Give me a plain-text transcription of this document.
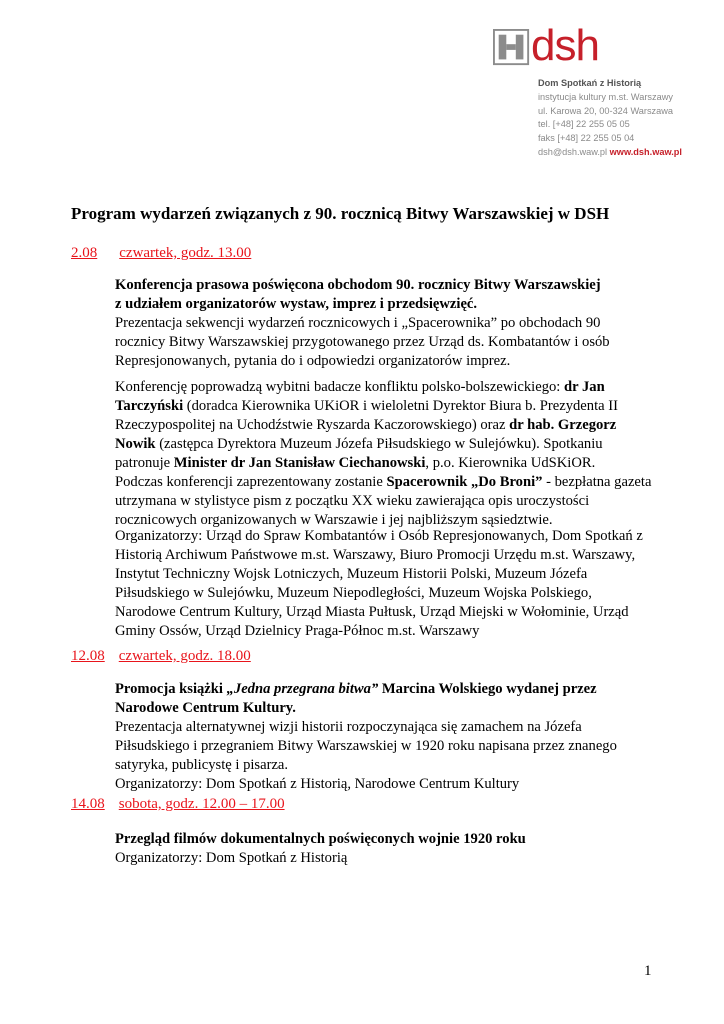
dsh
Dom Spotkań z Historią
instytucja kultury m.st. Warszawy
ul. Karowa 20, 00-324 Warszawa
tel. [+48] 22 255 05 05
faks [+48] 22 255 05 04
dsh@dsh.waw.pl www.dsh.waw.pl
Program wydarzeń związanych z 90. rocznicą Bitwy Warszawskiej w DSH
2.08 czwartek, godz. 13.00
Konferencja prasowa poświęcona obchodom 90. rocznicy Bitwy Warszawskiej
z udziałem organizatorów wystaw, imprez i przedsięwzięć.
Prezentacja sekwencji wydarzeń rocznicowych i „Spacerownika” po obchodach 90
rocznicy Bitwy Warszawskiej przygotowanego przez Urząd ds. Kombatantów i osób
Represjonowanych, pytania do i odpowiedzi organizatorów imprez.
Konferencję poprowadzą wybitni badacze konfliktu polsko-bolszewickiego: dr Jan
Tarczyński (doradca Kierownika UKiOR i wieloletni Dyrektor Biura b. Prezydenta II
Rzeczypospolitej na Uchodźstwie Ryszarda Kaczorowskiego) oraz dr hab. Grzegorz
Nowik (zastępca Dyrektora Muzeum Józefa Piłsudskiego w Sulejówku). Spotkaniu
patronuje Minister dr Jan Stanisław Ciechanowski, p.o. Kierownika UdSKiOR.
Podczas konferencji zaprezentowany zostanie Spacerownik „Do Broni” - bezpłatna gazeta
utrzymana w stylistyce pism z początku XX wieku zawierająca opis uroczystości
rocznicowych organizowanych w Warszawie i jej najbliższym sąsiedztwie.
Organizatorzy: Urząd do Spraw Kombatantów i Osób Represjonowanych, Dom Spotkań z
Historią Archiwum Państwowe m.st. Warszawy, Biuro Promocji Urzędu m.st. Warszawy,
Instytut Techniczny Wojsk Lotniczych, Muzeum Historii Polski, Muzeum Józefa
Piłsudskiego w Sulejówku, Muzeum Niepodległości, Muzeum Wojska Polskiego,
Narodowe Centrum Kultury, Urząd Miasta Pułtusk, Urząd Miejski w Wołominie, Urząd
Gminy Ossów, Urząd Dzielnicy Praga-Północ m.st. Warszawy
12.08 czwartek, godz. 18.00
Promocja książki „Jedna przegrana bitwa” Marcina Wolskiego wydanej przez
Narodowe Centrum Kultury.
Prezentacja alternatywnej wizji historii rozpoczynająca się zamachem na Józefa
Piłsudskiego i przegraniem Bitwy Warszawskiej w 1920 roku napisana przez znanego
satyryka, publicystę i pisarza.
Organizatorzy: Dom Spotkań z Historią, Narodowe Centrum Kultury
14.08 sobota, godz. 12.00 – 17.00
Przegląd filmów dokumentalnych poświęconych wojnie 1920 roku
Organizatorzy: Dom Spotkań z Historią
1
